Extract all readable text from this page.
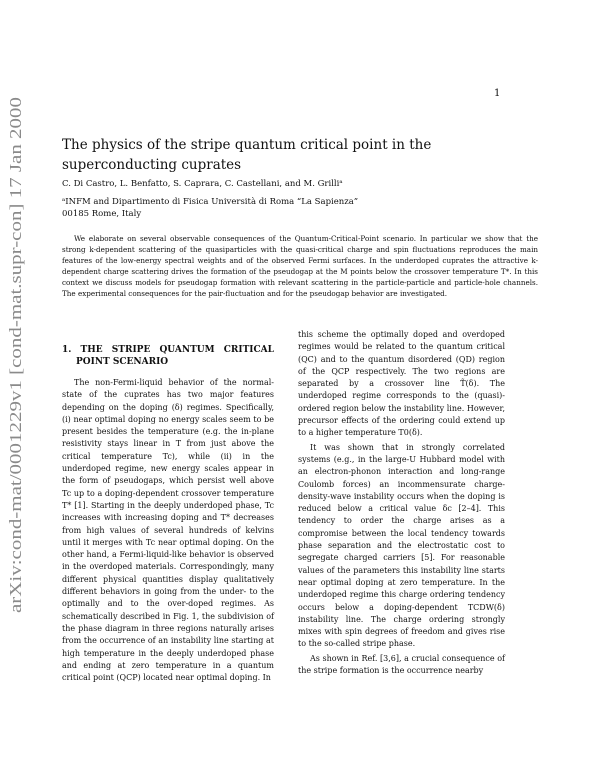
1
arXiv:cond-mat/0001229v1 [cond-mat.supr-con] 17 Jan 2000
The physics of the stripe quantum critical point in the superconducting cuprates
C. Di Castro, L. Benfatto, S. Caprara, C. Castellani, and M. Grilliᵃ
ᵃINFM and Dipartimento di Fisica Università di Roma “La Sapienza”
00185 Rome, Italy

We elaborate on several observable consequences of the Quantum-Critical-Point scenario. In particular we show that the strong k-dependent scattering of the quasiparticles with the quasi-critical charge and spin fluctuations reproduces the main features of the low-energy spectral weights and of the observed Fermi surfaces. In the underdoped cuprates the attractive k-dependent charge scattering drives the formation of the pseudogap at the M points below the crossover temperature T*. In this context we discuss models for pseudogap formation with relevant scattering in the particle-particle and particle-hole channels. The experimental consequences for the pair-fluctuation and for the pseudogap behavior are investigated.

1. THE STRIPE QUANTUM CRITICAL POINT SCENARIO

The non-Fermi-liquid behavior of the normal-state of the cuprates has two major features depending on the doping (δ) regimes. Specifically, (i) near optimal doping no energy scales seem to be present besides the temperature (e.g. the in-plane resistivity stays linear in T from just above the critical temperature Tc), while (ii) in the underdoped regime, new energy scales appear in the form of pseudogaps, which persist well above Tc up to a doping-dependent crossover temperature T* [1]. Starting in the deeply underdoped phase, Tc increases with increasing doping and T* decreases from high values of several hundreds of kelvins until it merges with Tc near optimal doping. On the other hand, a Fermi-liquid-like behavior is observed in the overdoped materials. Correspondingly, many different physical quantities display qualitatively different behaviors in going from the under- to the optimally and to the over-doped regimes. As schematically described in Fig. 1, the subdivision of the phase diagram in three regions naturally arises from the occurrence of an instability line starting at high temperature in the deeply underdoped phase and ending at zero temperature in a quantum critical point (QCP) located near optimal doping. In

this scheme the optimally doped and overdoped regimes would be related to the quantum critical (QC) and to the quantum disordered (QD) region of the QCP respectively. The two regions are separated by a crossover line T̃(δ). The underdoped regime corresponds to the (quasi)-ordered region below the instability line. However, precursor effects of the ordering could extend up to a higher temperature T0(δ).

It was shown that in strongly correlated systems (e.g., in the large-U Hubbard model with an electron-phonon interaction and long-range Coulomb forces) an incommensurate charge-density-wave instability occurs when the doping is reduced below a critical value δc [2–4]. This tendency to order the charge arises as a compromise between the local tendency towards phase separation and the electrostatic cost to segregate charged carriers [5]. For reasonable values of the parameters this instability line starts near optimal doping at zero temperature. In the underdoped regime this charge ordering tendency occurs below a doping-dependent TCDW(δ) instability line. The charge ordering strongly mixes with spin degrees of freedom and gives rise to the so-called stripe phase.

As shown in Ref. [3,6], a crucial consequence of the stripe formation is the occurrence nearby
